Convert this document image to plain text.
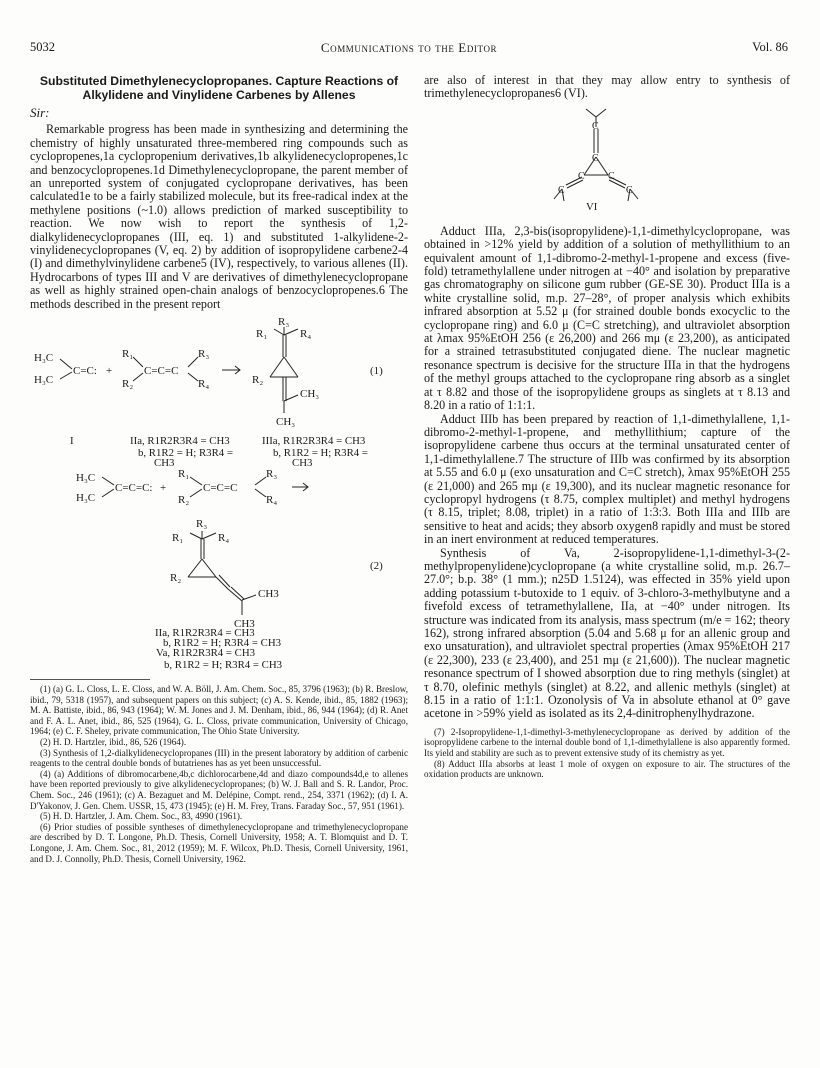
5032	Communications to the Editor	Vol. 86
Substituted Dimethylenecyclopropanes. Capture Reactions of Alkylidene and Vinylidene Carbenes by Allenes
Sir:

Remarkable progress has been made in synthesizing and determining the chemistry of highly unsaturated three-membered ring compounds such as cyclopropenes,1a cyclopropenium derivatives,1b alkylidenecyclopropenes,1c and benzocyclopropenes.1d Dimethylenecyclopropane, the parent member of an unreported system of conjugated cyclopropane derivatives, has been calculated1e to be a fairly stabilized molecule, but its free-radical index at the methylene positions (~1.0) allows prediction of marked susceptibility to reaction. We now wish to report the synthesis of 1,2-dialkylidenecyclopropanes (III, eq. 1) and substituted 1-alkylidene-2-vinylidenecyclopropanes (V, eq. 2) by addition of isopropylidene carbene2-4 (I) and dimethylvinylidene carbene5 (IV), respectively, to various allenes (II). Hydrocarbons of types III and V are derivatives of dimethylenecyclopropane as well as highly strained open-chain analogs of benzocyclopropenes.6 The methods described in the present report

H₃C
H₃C
C=C: +
R₁
R₂
C=C=C
R₃
R₄
R₃
R₁	R₄
R₂
CH₃
CH₃
(1)
I	IIa, R1R2R3R4 = CH3
b, R1R2 = H; R3R4 =
CH3
IIIa, R1R2R3R4 = CH3
b, R1R2 = H; R3R4 =
CH3
H₃C
H₃C
C=C=C: +
R₁
R₂
C=C=C
R₃
R₄
R₃
R₁	R₄
R₂
CH3
CH3
(2)
IIa, R1R2R3R4 = CH3
b, R1R2 = H; R3R4 = CH3
Va, R1R2R3R4 = CH3
b, R1R2 = H; R3R4 = CH3

(1) (a) G. L. Closs, L. E. Closs, and W. A. Böll, J. Am. Chem. Soc., 85, 3796 (1963); (b) R. Breslow, ibid., 79, 5318 (1957), and subsequent papers on this subject; (c) A. S. Kende, ibid., 85, 1882 (1963); M. A. Battiste, ibid., 86, 943 (1964); W. M. Jones and J. M. Denham, ibid., 86, 944 (1964); (d) R. Anet and F. A. L. Anet, ibid., 86, 525 (1964), G. L. Closs, private communication, University of Chicago, 1964; (e) C. F. Sheley, private communication, The Ohio State University.

(2) H. D. Hartzler, ibid., 86, 526 (1964).

(3) Synthesis of 1,2-dialkylidenecyclopropanes (III) in the present laboratory by addition of carbenic reagents to the central double bonds of butatrienes has as yet been unsuccessful.

(4) (a) Additions of dibromocarbene,4b,c dichlorocarbene,4d and diazo compounds4d,e to allenes have been reported previously to give alkylidenecyclopropanes; (b) W. J. Ball and S. R. Landor, Proc. Chem. Soc., 246 (1961); (c) A. Bezaguet and M. Delépine, Compt. rend., 254, 3371 (1962); (d) I. A. D'Yakonov, J. Gen. Chem. USSR, 15, 473 (1945); (e) H. M. Frey, Trans. Faraday Soc., 57, 951 (1961).

(5) H. D. Hartzler, J. Am. Chem. Soc., 83, 4990 (1961).

(6) Prior studies of possible syntheses of dimethylenecyclopropane and trimethylenecyclopropane are described by D. T. Longone, Ph.D. Thesis, Cornell University, 1958; A. T. Blomquist and D. T. Longone, J. Am. Chem. Soc., 81, 2012 (1959); M. F. Wilcox, Ph.D. Thesis, Cornell University, 1961, and D. J. Connolly, Ph.D. Thesis, Cornell University, 1962.

are also of interest in that they may allow entry to synthesis of trimethylenecyclopropanes6 (VI).

C
C
C C
C	C
VI

Adduct IIIa, 2,3-bis(isopropylidene)-1,1-dimethylcyclopropane, was obtained in >12% yield by addition of a solution of methyllithium to an equivalent amount of 1,1-dibromo-2-methyl-1-propene and excess (five-fold) tetramethylallene under nitrogen at −40° and isolation by preparative gas chromatography on silicone gum rubber (GE-SE 30). Product IIIa is a white crystalline solid, m.p. 27–28°, of proper analysis which exhibits infrared absorption at 5.52 μ (for strained double bonds exocyclic to the cyclopropane ring) and 6.0 μ (C=C stretching), and ultraviolet absorption at λmax 95%EtOH 256 (ε 26,200) and 266 mμ (ε 23,200), as anticipated for a strained tetrasubstituted conjugated diene. The nuclear magnetic resonance spectrum is decisive for the structure IIIa in that the hydrogens of the methyl groups attached to the cyclopropane ring absorb as a singlet at τ 8.82 and those of the isopropylidene groups as singlets at τ 8.13 and 8.20 in a ratio of 1:1:1.

Adduct IIIb has been prepared by reaction of 1,1-dimethylallene, 1,1-dibromo-2-methyl-1-propene, and methyllithium; capture of the isopropylidene carbene thus occurs at the terminal unsaturated center of 1,1-dimethylallene.7 The structure of IIIb was confirmed by its absorption at 5.55 and 6.0 μ (exo unsaturation and C=C stretch), λmax 95%EtOH 255 (ε 21,000) and 265 mμ (ε 19,300), and its nuclear magnetic resonance for cyclopropyl hydrogens (τ 8.75, complex multiplet) and methyl hydrogens (τ 8.15, triplet; 8.08, triplet) in a ratio of 1:3:3. Both IIIa and IIIb are sensitive to heat and acids; they absorb oxygen8 rapidly and must be stored in an inert environment at reduced temperatures.

Synthesis of Va, 2-isopropylidene-1,1-dimethyl-3-(2-methylpropenylidene)cyclopropane (a white crystalline solid, m.p. 26.7–27.0°; b.p. 38° (1 mm.); n25D 1.5124), was effected in 35% yield upon adding potassium t-butoxide to 1 equiv. of 3-chloro-3-methylbutyne and a fivefold excess of tetramethylallene, IIa, at −40° under nitrogen. Its structure was indicated from its analysis, mass spectrum (m/e = 162; theory 162), strong infrared absorption (5.04 and 5.68 μ for an allenic group and exo unsaturation), and ultraviolet spectral properties (λmax 95%EtOH 217 (ε 22,300), 233 (ε 23,400), and 251 mμ (ε 21,600)). The nuclear magnetic resonance spectrum of I showed absorption due to ring methyls (singlet) at τ 8.70, olefinic methyls (singlet) at 8.22, and allenic methyls (singlet) at 8.15 in a ratio of 1:1:1. Ozonolysis of Va in absolute ethanol at 0° gave acetone in >59% yield as isolated as its 2,4-dinitrophenylhydrazone.

(7) 2-Isopropylidene-1,1-dimethyl-3-methylenecyclopropane as derived by addition of the isopropylidene carbene to the internal double bond of 1,1-dimethylallene is also apparently formed. Its yield and stability are such as to prevent extensive study of its chemistry as yet.

(8) Adduct IIIa absorbs at least 1 mole of oxygen on exposure to air. The structures of the oxidation products are unknown.
